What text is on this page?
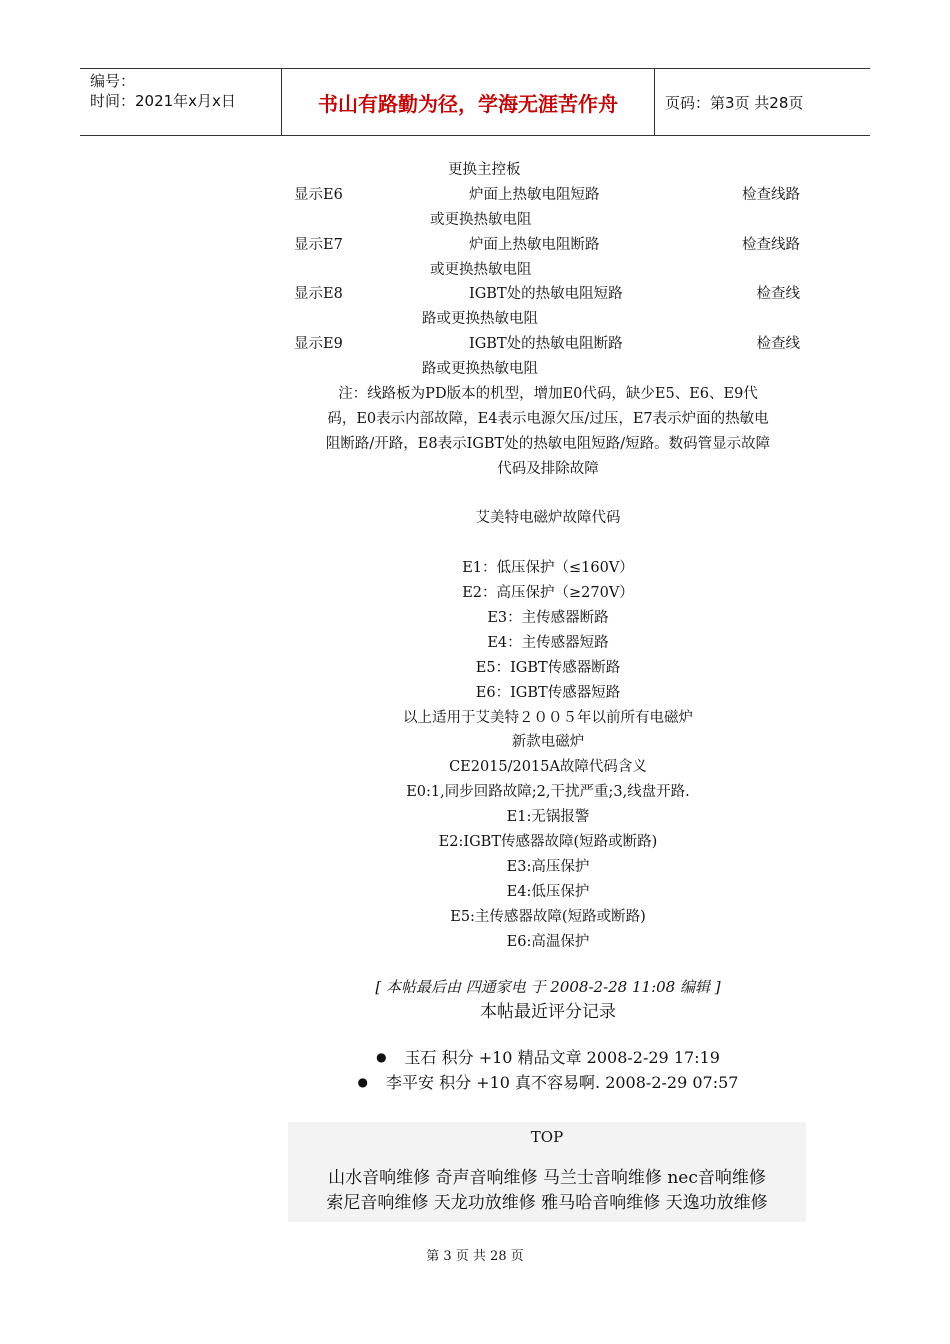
编号：
时间：2021年x月x日	书山有路勤为径，学海无涯苦作舟	页码：第3页 共28页
更换主控板
显示E6	炉面上热敏电阻短路	检查线路
或更换热敏电阻
显示E7	炉面上热敏电阻断路	检查线路
或更换热敏电阻
显示E8	IGBT处的热敏电阻短路	检查线
路或更换热敏电阻
显示E9	IGBT处的热敏电阻断路	检查线
路或更换热敏电阻
注：线路板为PD版本的机型，增加E0代码，缺少E5、E6、E9代
码，E0表示内部故障，E4表示电源欠压/过压，E7表示炉面的热敏电
阻断路/开路，E8表示IGBT处的热敏电阻短路/短路。数码管显示故障
代码及排除故障
艾美特电磁炉故障代码
E1：低压保护（≤160V）
E2：高压保护（≥270V）
E3：主传感器断路
E4：主传感器短路
E5：IGBT传感器断路
E6：IGBT传感器短路
以上适用于艾美特２００５年以前所有电磁炉
新款电磁炉
CE2015/2015A故障代码含义
E0:1,同步回路故障;2,干扰严重;3,线盘开路.
E1:无锅报警
E2:IGBT传感器故障(短路或断路)
E3:高压保护
E4:低压保护
E5:主传感器故障(短路或断路)
E6:高温保护
[ 本帖最后由 四通家电 于 2008-2-28 11:08 编辑 ]
本帖最近评分记录
● 玉石 积分 +10 精品文章 2008-2-29 17:19
● 李平安 积分 +10 真不容易啊. 2008-2-29 07:57
TOP
山水音响维修 奇声音响维修 马兰士音响维修 nec音响维修
索尼音响维修 天龙功放维修 雅马哈音响维修 天逸功放维修
第 3 页 共 28 页
